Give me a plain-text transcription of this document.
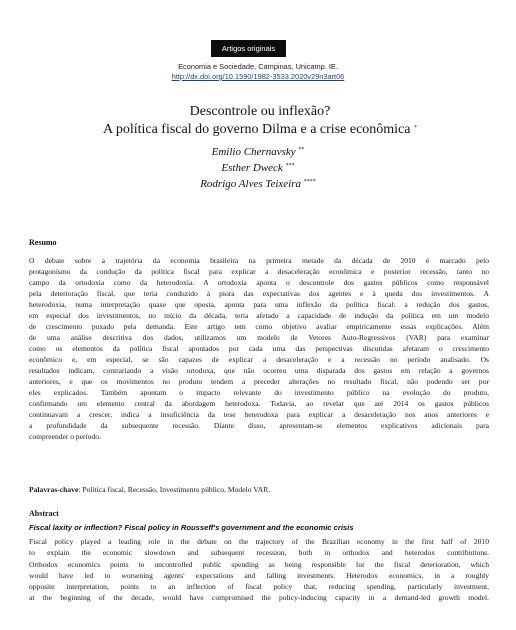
Artigos originais
Economia e Sociedade, Campinas, Unicamp. IE.
http://dx.doi.org/10.1590/1982-3533.2020v29n3art06
Descontrole ou inflexão?
A política fiscal do governo Dilma e a crise econômica *
Emilio Chernavsky **
Esther Dweck ***
Rodrigo Alves Teixeira ****
Resumo
O debate sobre a trajetória da economia brasileira na primeira metade da década de 2010 é marcado pelo
protagonismo da condução da política fiscal para explicar a desaceleração econômica e posterior recessão, tanto no
campo da ortodoxia como da heterodoxia. A ortodoxia aponta o descontrole dos gastos públicos como responsável
pela deterioração fiscal, que teria conduzido à piora das expectativas dos agentes e à queda dos investimentos. A
heterodoxia, numa interpretação quase que oposta, aponta para uma inflexão da política fiscal: a redução dos gastos,
em especial dos investimentos, no início da década, teria afetado a capacidade de indução da política em um modelo
de crescimento puxado pela demanda. Este artigo tem como objetivo avaliar empiricamente essas explicações. Além
de uma análise descritiva dos dados, utilizamos um modelo de Vetores Auto-Regressivos (VAR) para examinar
como os elementos da política fiscal apontados por cada uma das perspectivas discutidas afetaram o crescimento
econômico e, em especial, se são capazes de explicar a desaceleração e a recessão no período analisado. Os
resultados indicam, contrariando a visão ortodoxa, que não ocorreu uma disparada dos gastos em relação a governos
anteriores, e que os movimentos no produto tendem a preceder alterações no resultado fiscal, não podendo ser por
eles explicados. Também apontam o impacto relevante do investimento público na evolução do produto,
confirmando um elemento central da abordagem heterodoxa. Todavia, ao revelar que até 2014 os gastos públicos
continuavam a crescer, indica a insuficiência da tese heterodoxa para explicar a desaceleração nos anos anteriores e
a profundidade da subsequente recessão. Diante disso, apresentam-se elementos explicativos adicionais para
compreender o período.
Palavras-chave: Política fiscal, Recessão, Investimento público, Modelo VAR.
Abstract
Fiscal laxity or inflection? Fiscal policy in Rousseff's government and the economic crisis
Fiscal policy played a leading role in the debate on the trajectory of the Brazilian economy in the first half of 2010
to explain the economic slowdown and subsequent recession, both in orthodox and heterodox contributions.
Orthodox economics points to uncontrolled public spending as being responsible for the fiscal deterioration, which
would have led to worsening agents' expectations and falling investments. Heterodox economics, in a roughly
opposite interpretation, points to an inflection of fiscal policy that, reducing spending, particularly investment,
at the beginning of the decade, would have compromised the policy-inducing capacity in a demand-led growth model.
